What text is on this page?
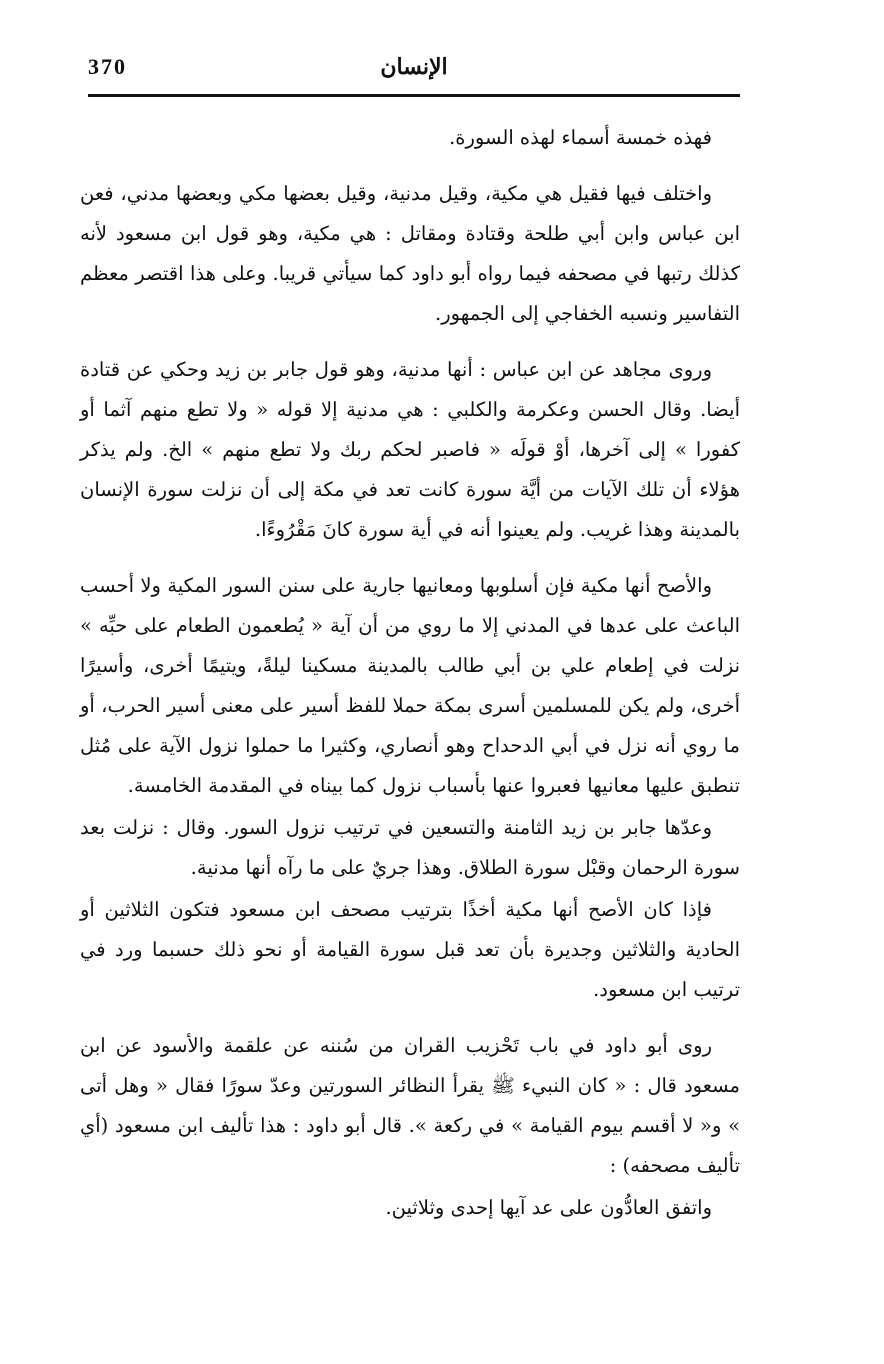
370	الإنسان

فهذه خمسة أسماء لهذه السورة.

واختلف فيها فقيل هي مكية، وقيل مدنية، وقيل بعضها مكي وبعضها مدني، فعن ابن عباس وابن أبي طلحة وقتادة ومقاتل : هي مكية، وهو قول ابن مسعود لأنه كذلك رتبها في مصحفه فيما رواه أبو داود كما سيأتي قريبا. وعلى هذا اقتصر معظم التفاسير ونسبه الخفاجي إلى الجمهور.

وروى مجاهد عن ابن عباس : أنها مدنية، وهو قول جابر بن زيد وحكي عن قتادة أيضا. وقال الحسن وعكرمة والكلبي : هي مدنية إلا قوله « ولا تطع منهم آثما أو كفورا » إلى آخرها، أوْ قولَه « فاصبر لحكم ربك ولا تطع منهم » الخ. ولم يذكر هؤلاء أن تلك الآيات من أيَّة سورة كانت تعد في مكة إلى أن نزلت سورة الإنسان بالمدينة وهذا غريب. ولم يعينوا أنه في أية سورة كانَ مَقْرُوءًا.

والأصح أنها مكية فإن أسلوبها ومعانيها جارية على سنن السور المكية ولا أحسب الباعث على عدها في المدني إلا ما روي من أن آية « يُطعمون الطعام على حبِّه » نزلت في إطعام علي بن أبي طالب بالمدينة مسكينا ليلةً، ويتيمًا أخرى، وأسيرًا أخرى، ولم يكن للمسلمين أسرى بمكة حملا للفظ أسير على معنى أسير الحرب، أو ما روي أنه نزل في أبي الدحداح وهو أنصاري، وكثيرا ما حملوا نزول الآية على مُثل تنطبق عليها معانيها فعبروا عنها بأسباب نزول كما بيناه في المقدمة الخامسة.

وعدّها جابر بن زيد الثامنة والتسعين في ترتيب نزول السور. وقال : نزلت بعد سورة الرحمان وقبْل سورة الطلاق. وهذا جريٌ على ما رآه أنها مدنية.

فإذا كان الأصح أنها مكية أخذًا بترتيب مصحف ابن مسعود فتكون الثلاثين أو الحادية والثلاثين وجديرة بأن تعد قبل سورة القيامة أو نحو ذلك حسبما ورد في ترتيب ابن مسعود.

روى أبو داود في باب تَحْزيب القران من سُننه عن علقمة والأسود عن ابن مسعود قال : « كان النبيء ﷺ يقرأ النظائر السورتين وعدّ سورًا فقال « وهل أتى » و« لا أقسم بيوم القيامة » في ركعة ». قال أبو داود : هذا تأليف ابن مسعود (أي تأليف مصحفه) :

واتفق العادُّون على عد آيها إحدى وثلاثين.
